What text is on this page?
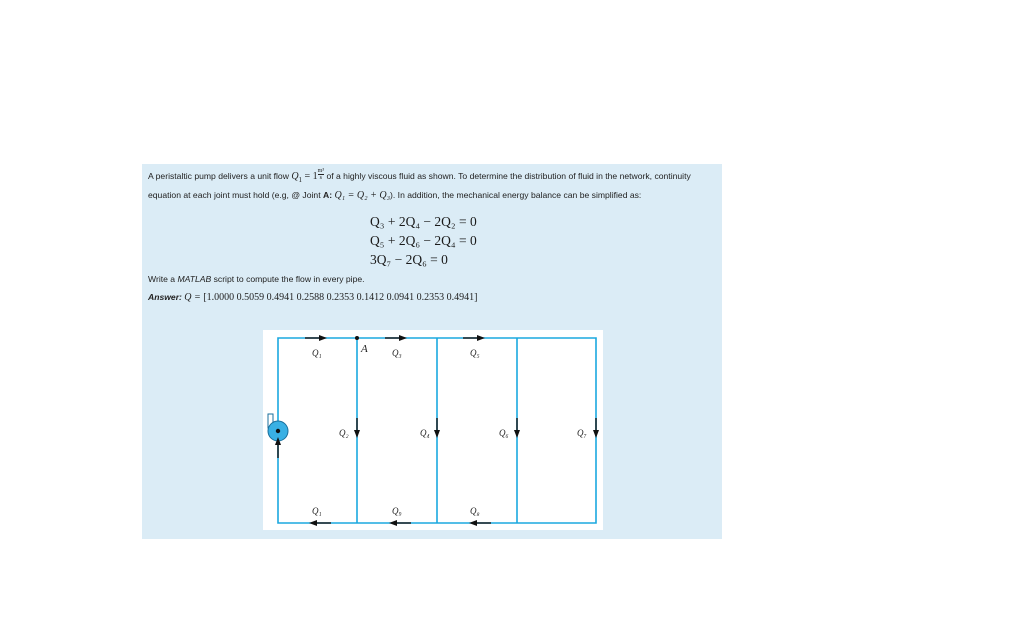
A peristaltic pump delivers a unit flow $Q_1 = 1 \frac{\text{m³}}{s}$ of a highly viscous fluid as shown. To determine the distribution of fluid in the network, continuity equation at each joint must hold (e.g, @ Joint A: Q₁ = Q₂ + Q₃). In addition, the mechanical energy balance can be simplified as:
Q₃ + 2Q₄ − 2Q₂ = 0
Q₅ + 2Q₆ − 2Q₄ = 0
3Q₇ − 2Q₆ = 0
Write a MATLAB script to compute the flow in every pipe.
Answer: Q = [1.0000 0.5059 0.4941 0.2588 0.2353 0.1412 0.0941 0.2353 0.4941]
Q₁	A	Q₃	Q₅
Q₂	Q₄	Q₆	Q₇
Q₁	Q₉	Q₈
